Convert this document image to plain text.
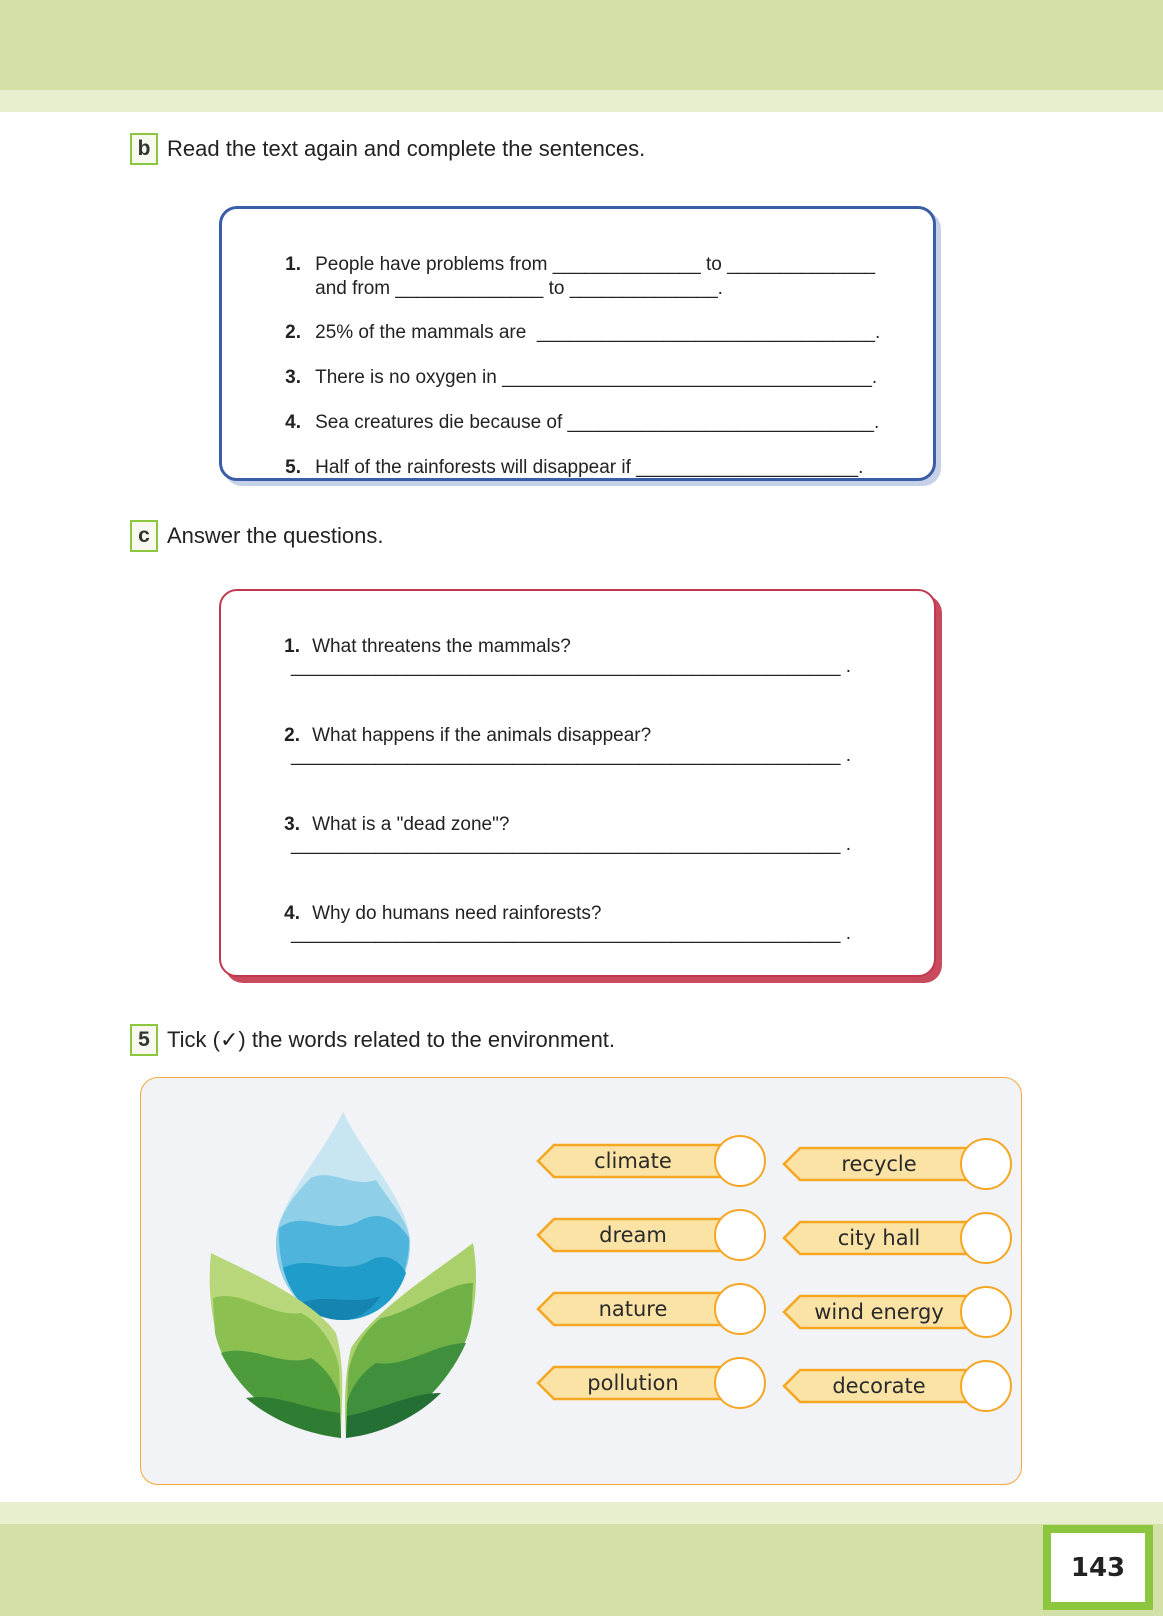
b Read the text again and complete the sentences.

1. People have problems from ______________ to ______________

and from ______________ to ______________.

2. 25% of the mammals are  ________________________________.

3. There is no oxygen in ___________________________________.

4. Sea creatures die because of _____________________________.

5. Half of the rainforests will disappear if _____________________.

c Answer the questions.

1. What threatens the mammals?

____________________________________________________ .

2. What happens if the animals disappear?

____________________________________________________ .

3. What is a "dead zone"?

____________________________________________________ .

4. Why do humans need rainforests?

____________________________________________________ .
5 Tick (✓) the words related to the environment.
climate
dream
nature
pollution
recycle
city hall
wind energy
decorate
143
